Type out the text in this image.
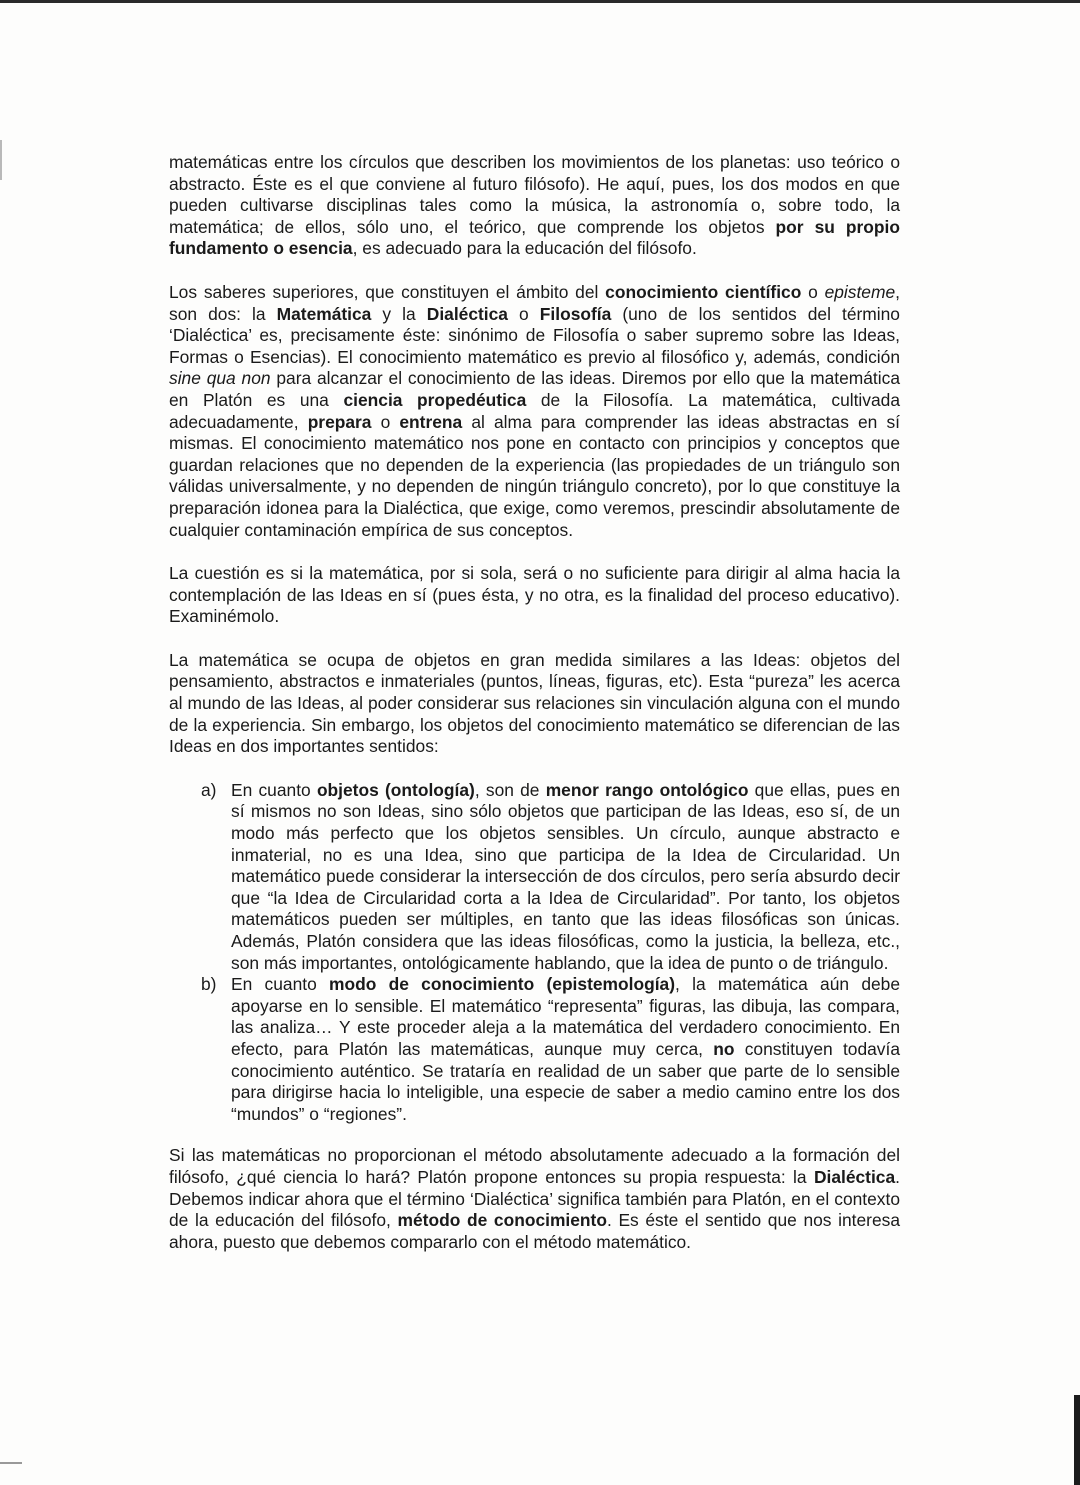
matemáticas entre los círculos que describen los movimientos de los planetas: uso teórico o abstracto. Éste es el que conviene al futuro filósofo). He aquí, pues, los dos modos en que pueden cultivarse disciplinas tales como la música, la astronomía o, sobre todo, la matemática; de ellos, sólo uno, el teórico, que comprende los objetos por su propio fundamento o esencia, es adecuado para la educación del filósofo.

Los saberes superiores, que constituyen el ámbito del conocimiento científico o episteme, son dos: la Matemática y la Dialéctica o Filosofía (uno de los sentidos del término ‘Dialéctica’ es, precisamente éste: sinónimo de Filosofía o saber supremo sobre las Ideas, Formas o Esencias). El conocimiento matemático es previo al filosófico y, además, condición sine qua non para alcanzar el conocimiento de las ideas. Diremos por ello que la matemática en Platón es una ciencia propedéutica de la Filosofía. La matemática, cultivada adecuadamente, prepara o entrena al alma para comprender las ideas abstractas en sí mismas. El conocimiento matemático nos pone en contacto con principios y conceptos que guardan relaciones que no dependen de la experiencia (las propiedades de un triángulo son válidas universalmente, y no dependen de ningún triángulo concreto), por lo que constituye la preparación idonea para la Dialéctica, que exige, como veremos, prescindir absolutamente de cualquier contaminación empírica de sus conceptos.

La cuestión es si la matemática, por si sola, será o no suficiente para dirigir al alma hacia la contemplación de las Ideas en sí (pues ésta, y no otra, es la finalidad del proceso educativo). Examinémolo.

La matemática se ocupa de objetos en gran medida similares a las Ideas: objetos del pensamiento, abstractos e inmateriales (puntos, líneas, figuras, etc). Esta “pureza” les acerca al mundo de las Ideas, al poder considerar sus relaciones sin vinculación alguna con el mundo de la experiencia. Sin embargo, los objetos del conocimiento matemático se diferencian de las Ideas en dos importantes sentidos:

a) En cuanto objetos (ontología), son de menor rango ontológico que ellas, pues en sí mismos no son Ideas, sino sólo objetos que participan de las Ideas, eso sí, de un modo más perfecto que los objetos sensibles. Un círculo, aunque abstracto e inmaterial, no es una Idea, sino que participa de la Idea de Circularidad. Un matemático puede considerar la intersección de dos círculos, pero sería absurdo decir que “la Idea de Circularidad corta a la Idea de Circularidad”. Por tanto, los objetos matemáticos pueden ser múltiples, en tanto que las ideas filosóficas son únicas. Además, Platón considera que las ideas filosóficas, como la justicia, la belleza, etc., son más importantes, ontológicamente hablando, que la idea de punto o de triángulo.
b) En cuanto modo de conocimiento (epistemología), la matemática aún debe apoyarse en lo sensible. El matemático “representa” figuras, las dibuja, las compara, las analiza… Y este proceder aleja a la matemática del verdadero conocimiento. En efecto, para Platón las matemáticas, aunque muy cerca, no constituyen todavía conocimiento auténtico. Se trataría en realidad de un saber que parte de lo sensible para dirigirse hacia lo inteligible, una especie de saber a medio camino entre los dos “mundos” o “regiones”.

Si las matemáticas no proporcionan el método absolutamente adecuado a la formación del filósofo, ¿qué ciencia lo hará? Platón propone entonces su propia respuesta: la Dialéctica. Debemos indicar ahora que el término ‘Dialéctica’ significa también para Platón, en el contexto de la educación del filósofo, método de conocimiento. Es éste el sentido que nos interesa ahora, puesto que debemos compararlo con el método matemático.
